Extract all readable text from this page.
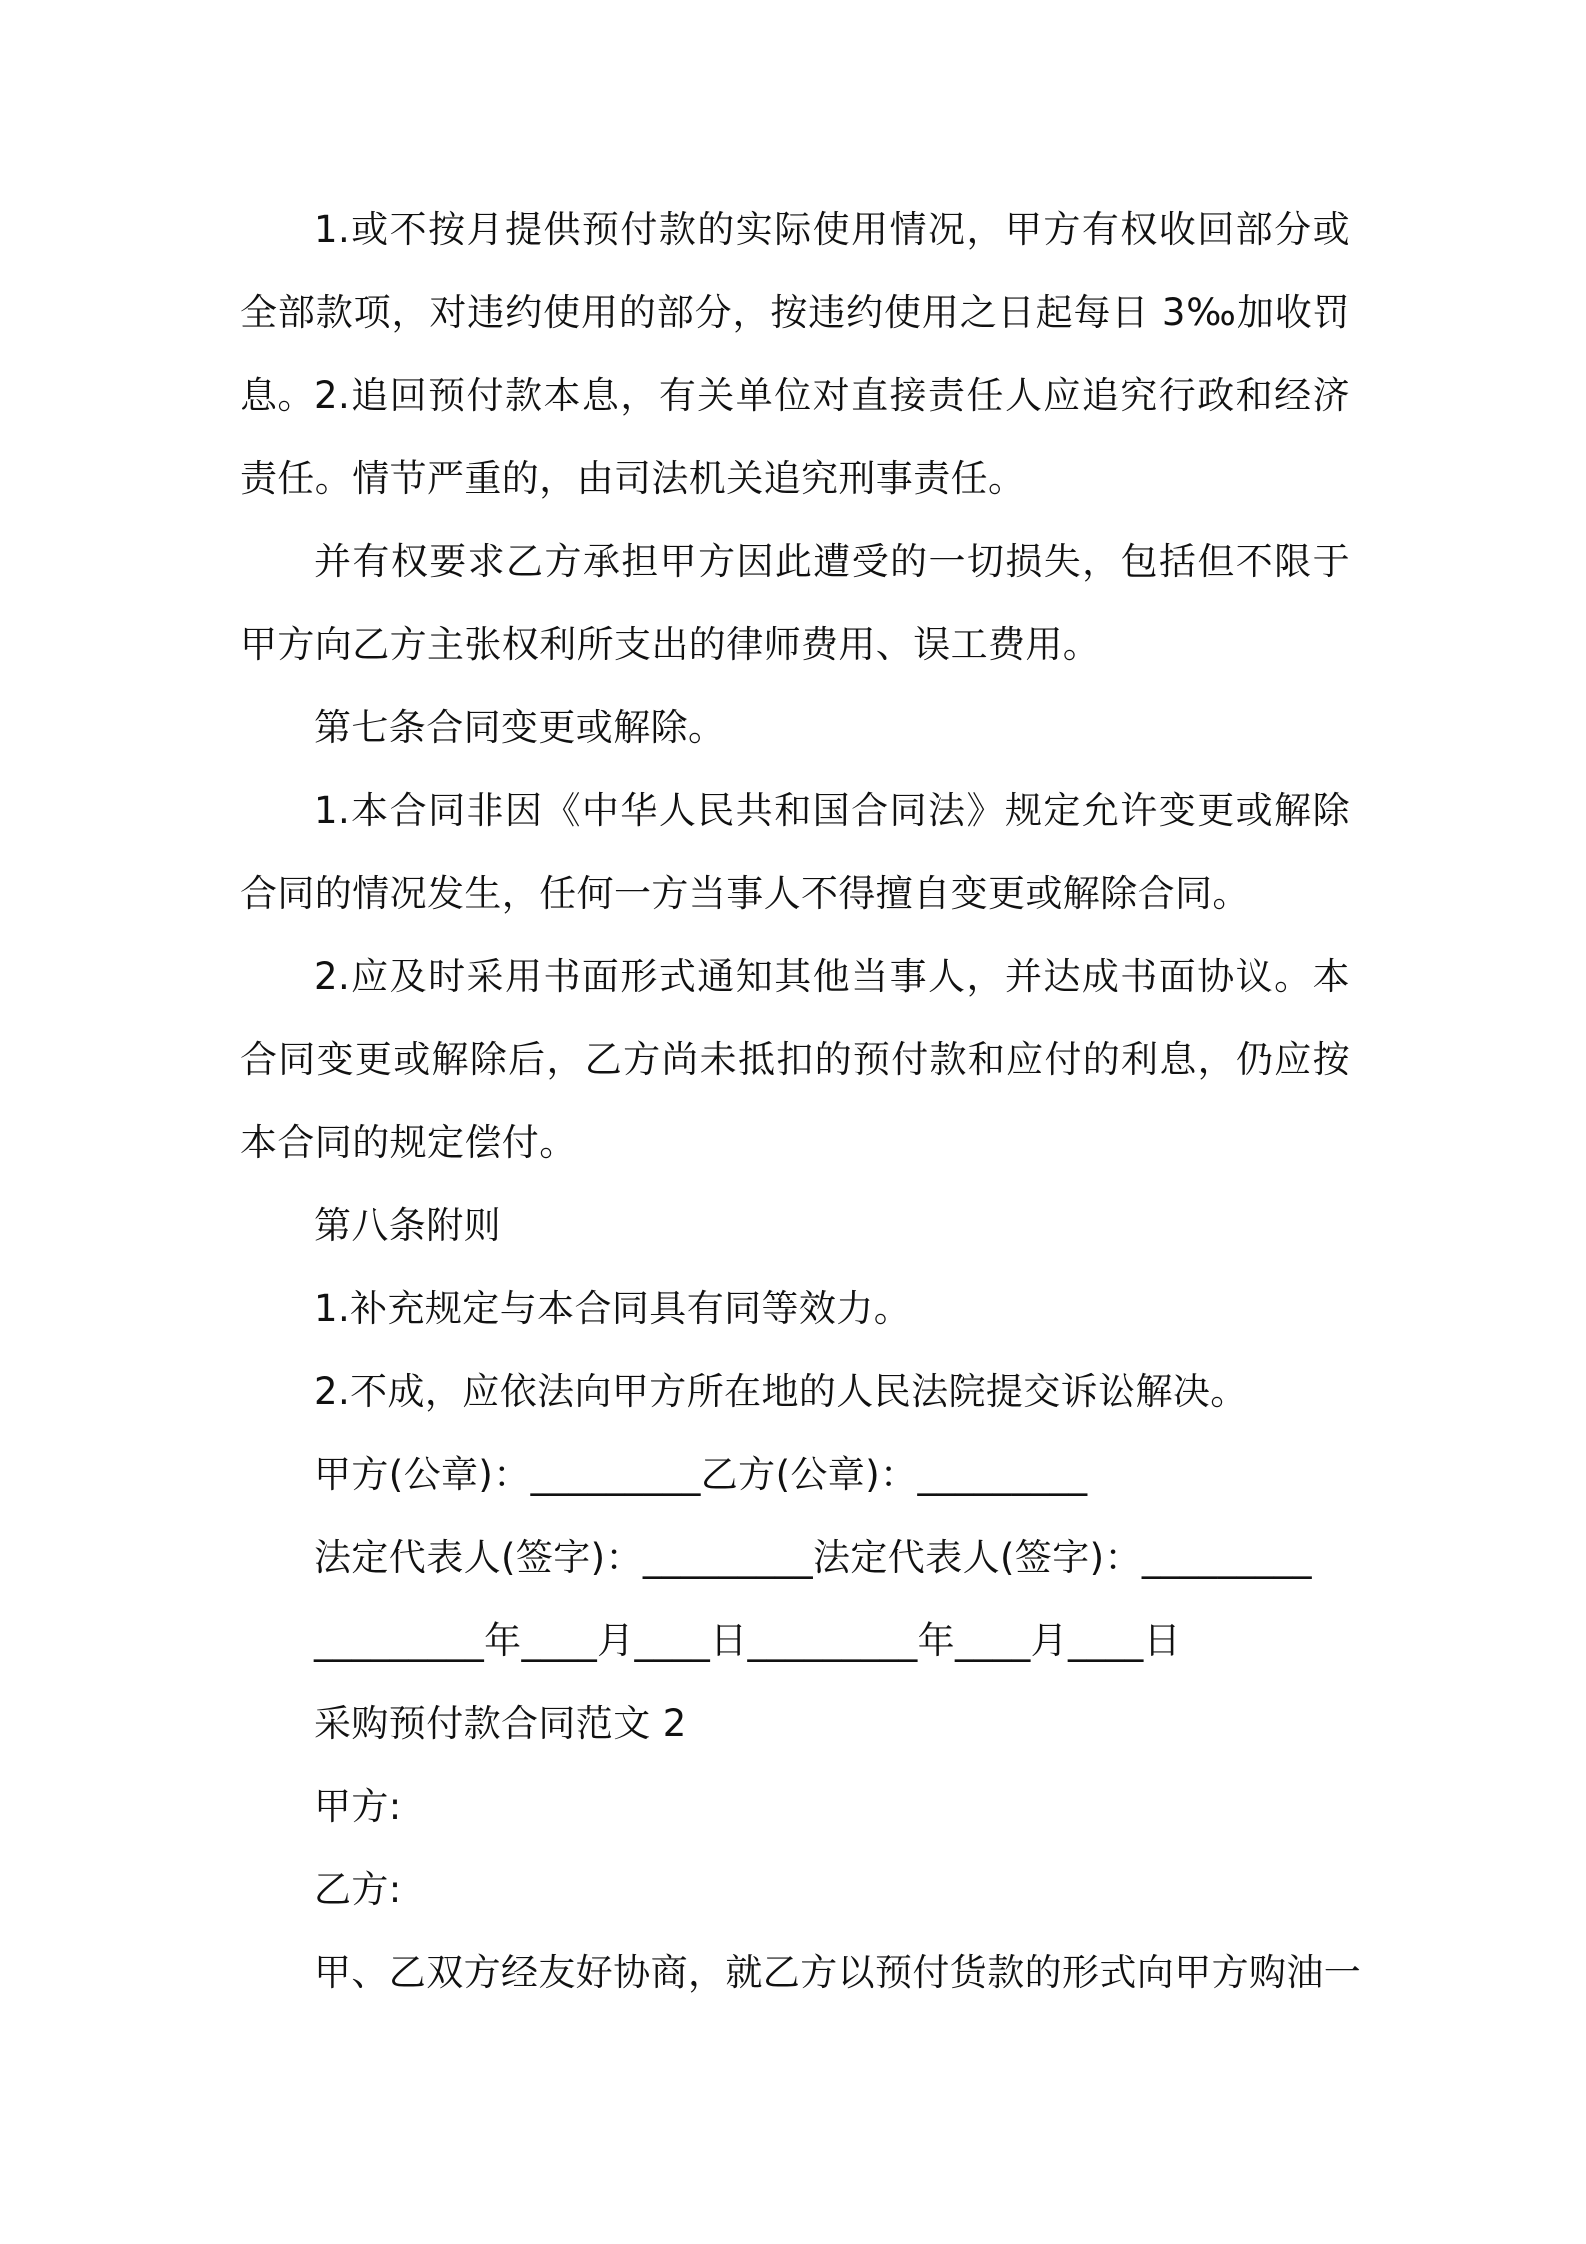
1.或不按月提供预付款的实际使用情况，甲方有权收回部分或全部款项，对违约使用的部分，按违约使用之日起每日 3‰加收罚息。 2.追回预付款本息，有关单位对直接责任人应追究行政和经济责任。情节严重的，由司法机关追究刑事责任。

并有权要求乙方承担甲方因此遭受的一切损失，包括但不限于甲方向乙方主张权利所支出的律师费用、误工费用。

第七条合同变更或解除。

1.本合同非因《中华人民共和国合同法》规定允许变更或解除合同的情况发生，任何一方当事人不得擅自变更或解除合同。

2.应及时采用书面形式通知其他当事人，并达成书面协议。本合同变更或解除后，乙方尚未抵扣的预付款和应付的利息，仍应按本合同的规定偿付。

第八条附则

1.补充规定与本合同具有同等效力。

2.不成，应依法向甲方所在地的人民法院提交诉讼解决。

甲方(公章)：_________乙方(公章)：_________

法定代表人(签字)：_________法定代表人(签字)：_________

_________年____月____日_________年____月____日

采购预付款合同范文 2

甲方:

乙方:

甲、乙双方经友好协商，就乙方以预付货款的形式向甲方购油一
